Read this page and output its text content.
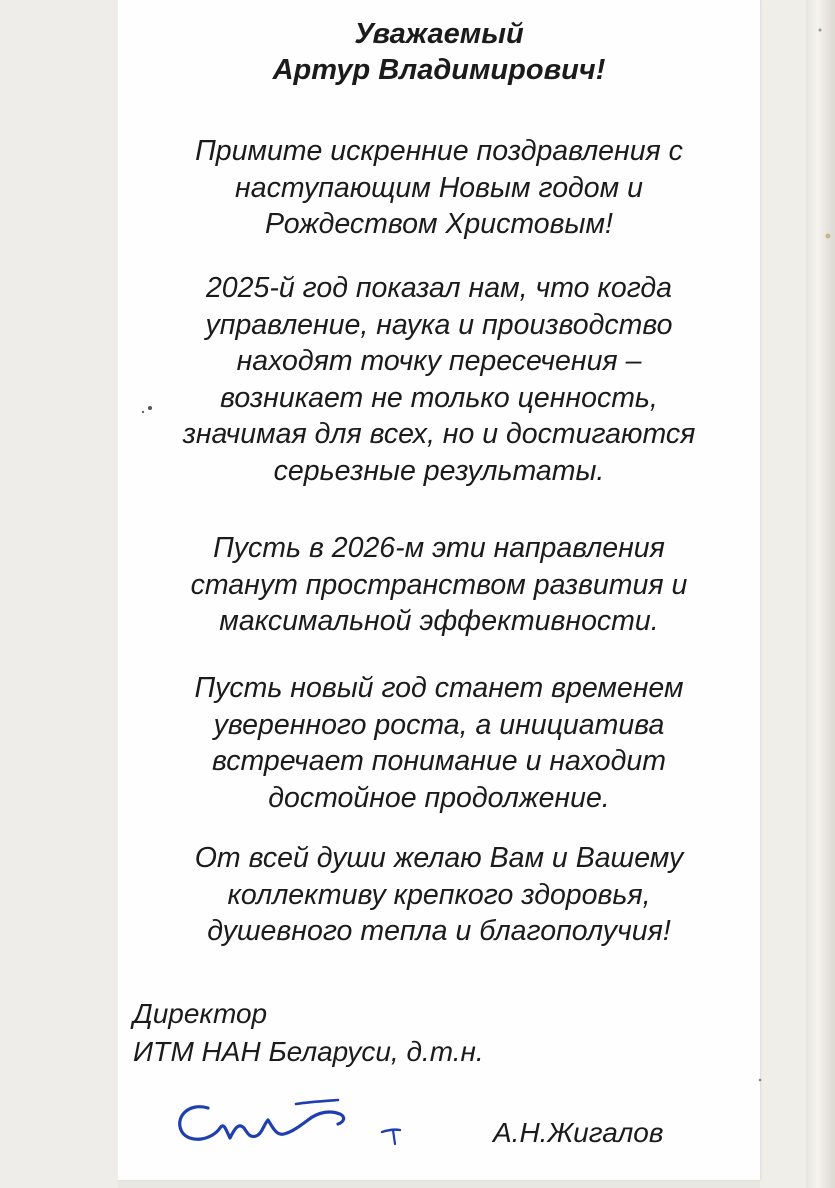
Уважаемый
Артур Владимирович!
Примите искренние поздравления с
наступающим Новым годом и
Рождеством Христовым!
2025-й год показал нам, что когда
управление, наука и производство
находят точку пересечения –
возникает не только ценность,
значимая для всех, но и достигаются
серьезные результаты.
Пусть в 2026-м эти направления
станут пространством развития и
максимальной эффективности.
Пусть новый год станет временем
уверенного роста, а инициатива
встречает понимание и находит
достойное продолжение.
От всей души желаю Вам и Вашему
коллективу крепкого здоровья,
душевного тепла и благополучия!
Директор
ИТМ НАН Беларуси, д.т.н.
А.Н.Жигалов
